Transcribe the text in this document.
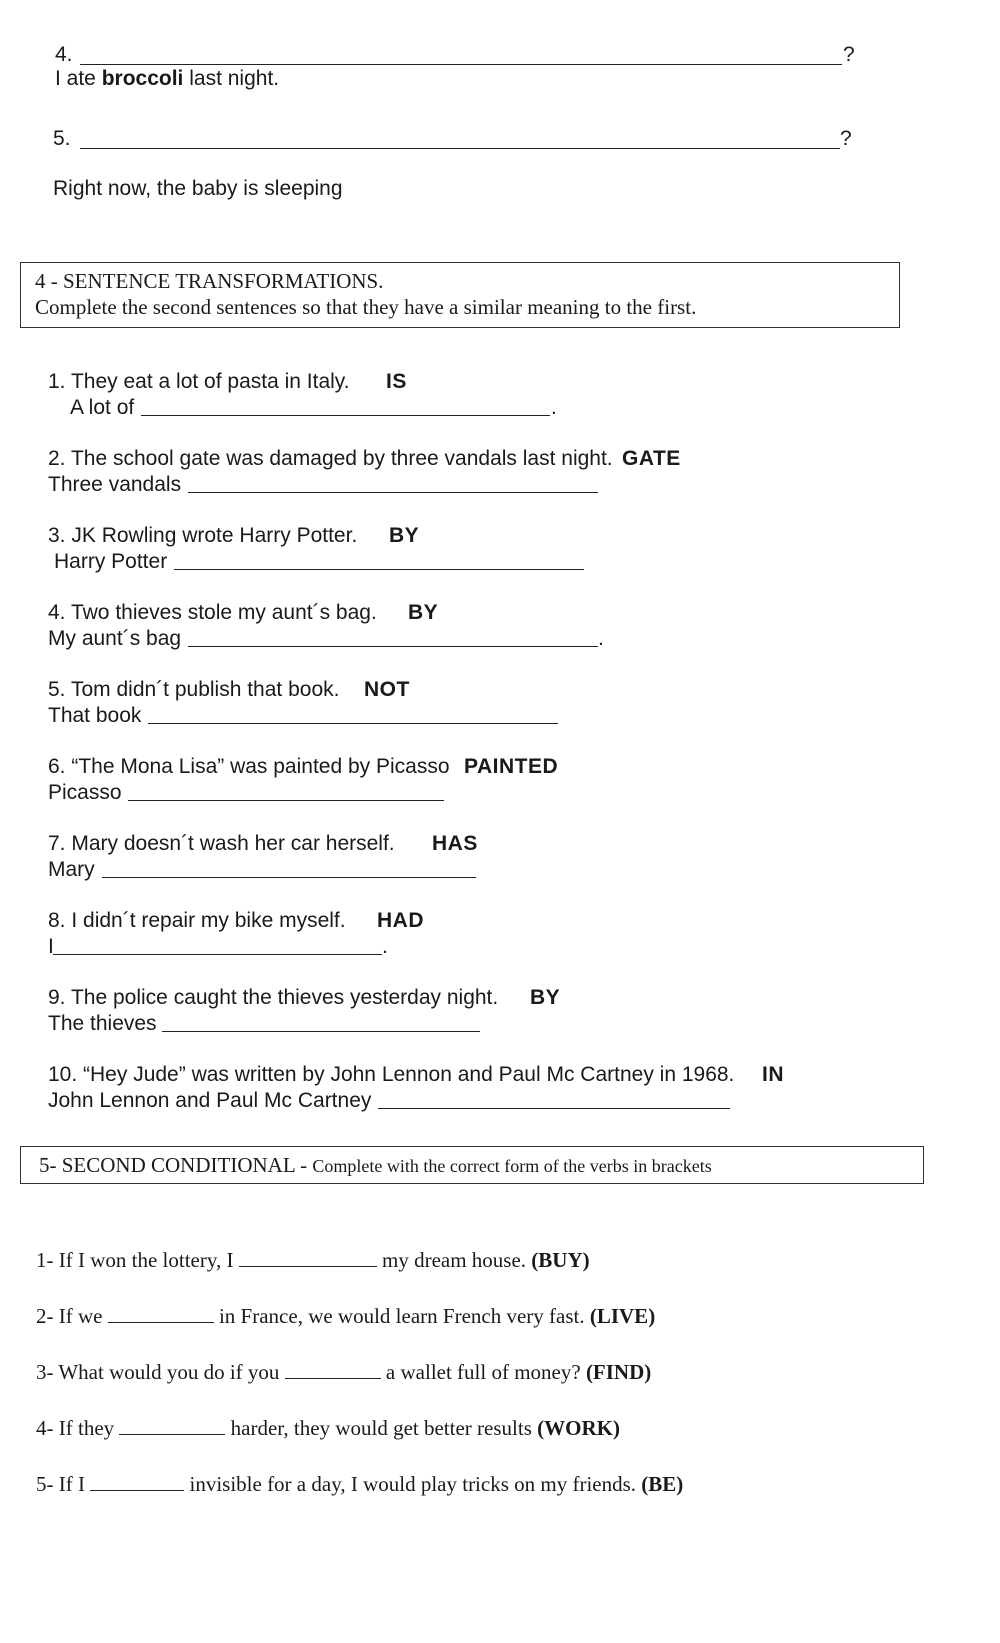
4.	?
I ate broccoli last night.
5.	?
Right now, the baby is sleeping
4 - SENTENCE TRANSFORMATIONS.
Complete the second sentences so that they have a similar meaning to the first.
1. They eat a lot of pasta in Italy. IS
A lot of	.
2. The school gate was damaged by three vandals last night. GATE
Three vandals
3. JK Rowling wrote Harry Potter. BY
Harry Potter
4. Two thieves stole my aunt´s bag. BY
My aunt´s bag	.
5. Tom didn´t publish that book. NOT
That book
6. “The Mona Lisa” was painted by Picasso PAINTED
Picasso
7. Mary doesn´t wash her car herself. HAS
Mary
8. I didn´t repair my bike myself. HAD
I	.
9. The police caught the thieves yesterday night. BY
The thieves
10. “Hey Jude” was written by John Lennon and Paul Mc Cartney in 1968. IN
John Lennon and Paul Mc Cartney
5- SECOND CONDITIONAL - Complete with the correct form of the verbs in brackets
1- If I won the lottery, I	my dream house. (BUY)
2- If we	in France, we would learn French very fast. (LIVE)
3- What would you do if you	a wallet full of money? (FIND)
4- If they	harder, they would get better results (WORK)
5- If I	invisible for a day, I would play tricks on my friends. (BE)
